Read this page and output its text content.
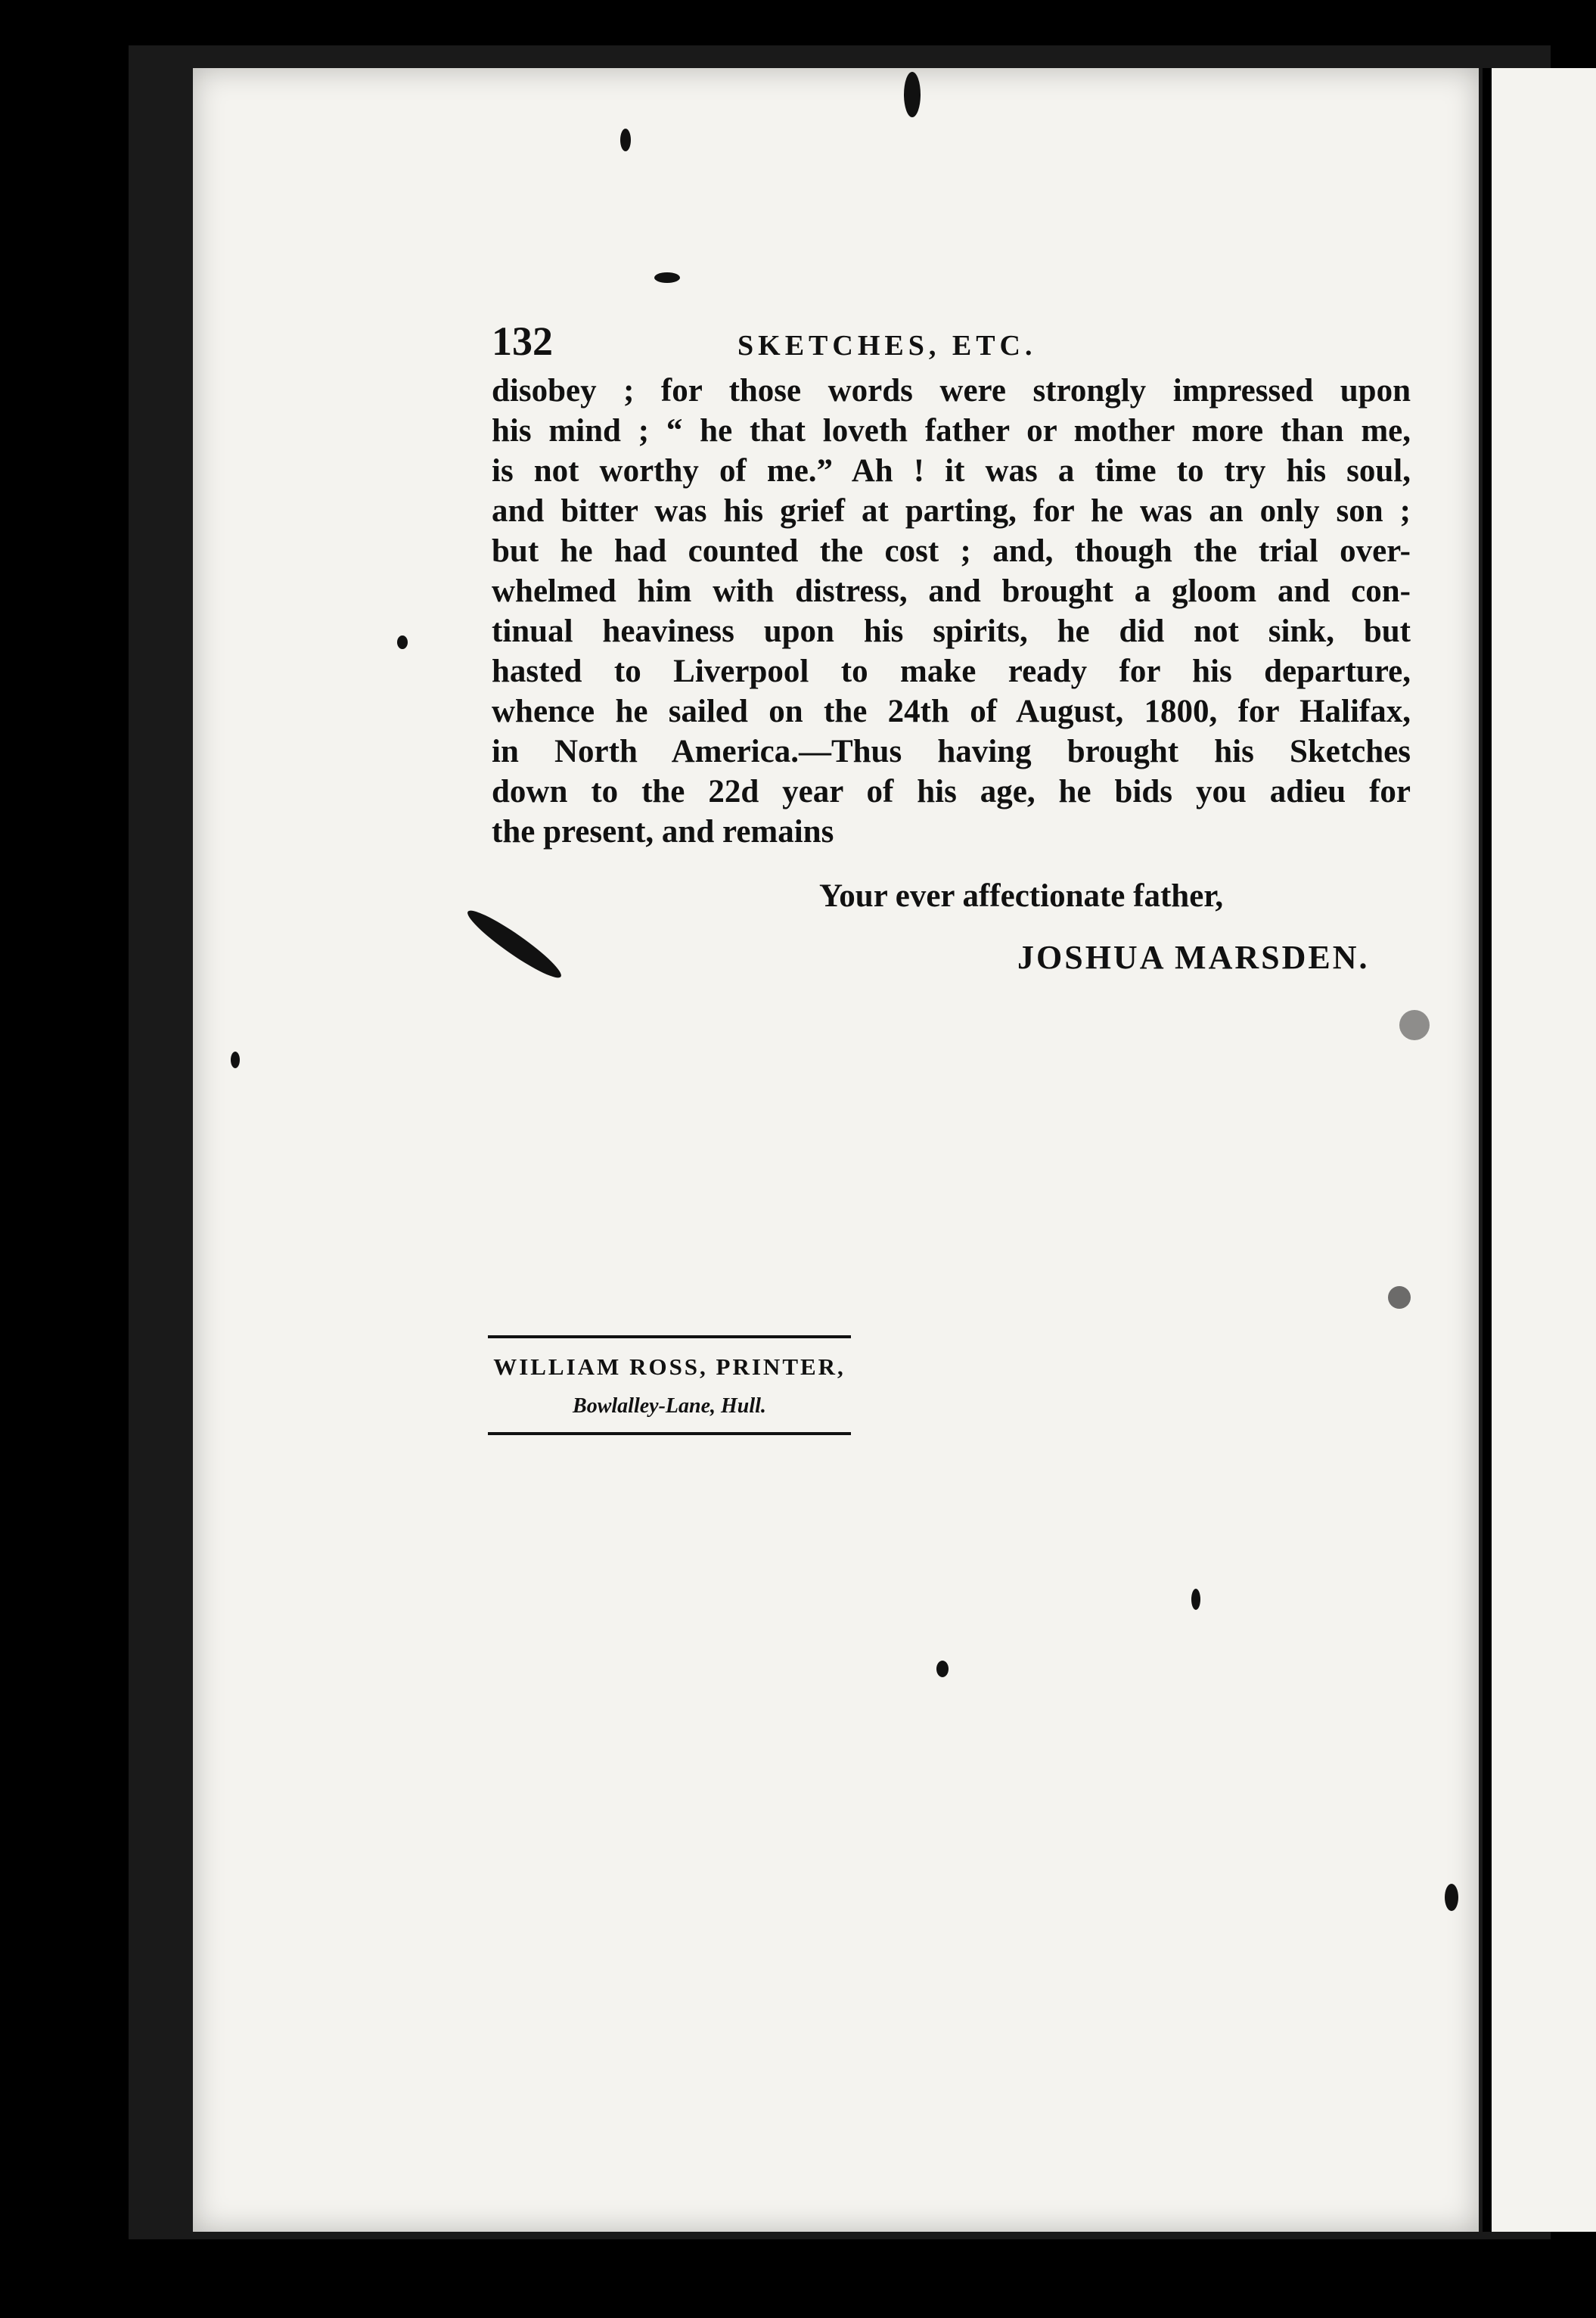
132	SKETCHES, ETC.
disobey ; for those words were strongly impressed upon
his mind ; “ he that loveth father or mother more than me,
is not worthy of me.” Ah ! it was a time to try his soul,
and bitter was his grief at parting, for he was an only son ;
but he had counted the cost ; and, though the trial over-
whelmed him with distress, and brought a gloom and con-
tinual heaviness upon his spirits, he did not sink, but
hasted to Liverpool to make ready for his departure,
whence he sailed on the 24th of August, 1800, for Halifax,
in North America.—Thus having brought his Sketches
down to the 22d year of his age, he bids you adieu for
the present, and remains
Your ever affectionate father,
JOSHUA MARSDEN.
WILLIAM ROSS, PRINTER,
Bowlalley-Lane, Hull.
